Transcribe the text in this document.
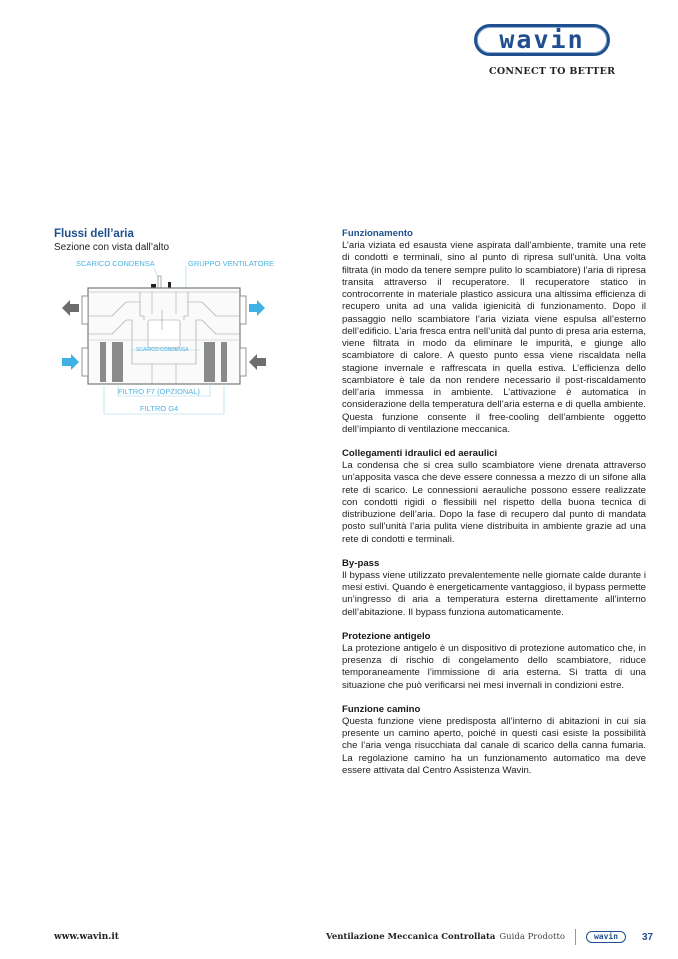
wavin
CONNECT TO BETTER
Flussi dell’aria

Sezione con vista dall’alto

SCARICO CONDENSA	GRUPPO VENTILATORE
SCARICO CONDENSA
FILTRO F7 (OPZIONAL)
FILTRO G4
Funzionamento

L’aria viziata ed esausta viene aspirata dall’ambiente, tramite una rete di condotti e terminali, sino al punto di ripresa sull’unità. Una volta filtrata (in modo da tenere sempre pulito lo scambiatore) l’aria di ripresa transita attraverso il recuperatore. Il recuperatore statico in controcorrente in materiale plastico assicura una altissima efficienza di recupero unita ad una valida igienicità di funzionamento. Dopo il passaggio nello scambiatore l’aria viziata viene espulsa all’esterno dell’edificio. L’aria fresca entra nell’unità dal punto di presa aria esterna, viene filtrata in modo da eliminare le impurità, e giunge allo scambiatore di calore. A questo punto essa viene riscaldata nella stagione invernale e raffrescata in quella estiva. L’efficienza dello scambiatore è tale da non rendere necessario il post-riscaldamento dell’aria immessa in ambiente. L’attivazione è automatica in considerazione della temperatura dell’aria esterna e di quella ambiente. Questa funzione consente il free-cooling dell’ambiente oggetto dell’impianto di ventilazione meccanica.

Collegamenti idraulici ed aeraulici

La condensa che si crea sullo scambiatore viene drenata attraverso un’apposita vasca che deve essere connessa a mezzo di un sifone alla rete di scarico. Le connessioni aerauliche possono essere realizzate con condotti rigidi o flessibili nel rispetto della buona tecnica di distribuzione dell’aria. Dopo la fase di recupero dal punto di mandata posto sull’unità l’aria pulita viene distribuita in ambiente grazie ad una rete di condotti e terminali.

By-pass

Il bypass viene utilizzato prevalentemente nelle giornate calde durante i mesi estivi. Quando è energeticamente vantaggioso, il bypass permette un’ingresso di aria a temperatura esterna direttamente all’interno dell’abitazione. Il bypass funziona automaticamente.

Protezione antigelo

La protezione antigelo è un dispositivo di protezione automatico che, in presenza di rischio di congelamento dello scambiatore, riduce temporaneamente l’immissione di aria esterna. Si tratta di una situazione che può verificarsi nei mesi invernali in condizioni estre.

Funzione camino

Questa funzione viene predisposta all’interno di abitazioni in cui sia presente un camino aperto, poiché in questi casi esiste la possibilità che l’aria venga risucchiata dal canale di scarico della canna fumaria. La regolazione camino ha un funzionamento automatico ma deve essere attivata dal Centro Assistenza Wavin.

www.wavin.it	Ventilazione Meccanica Controllata Guida Prodotto	wavin	37
